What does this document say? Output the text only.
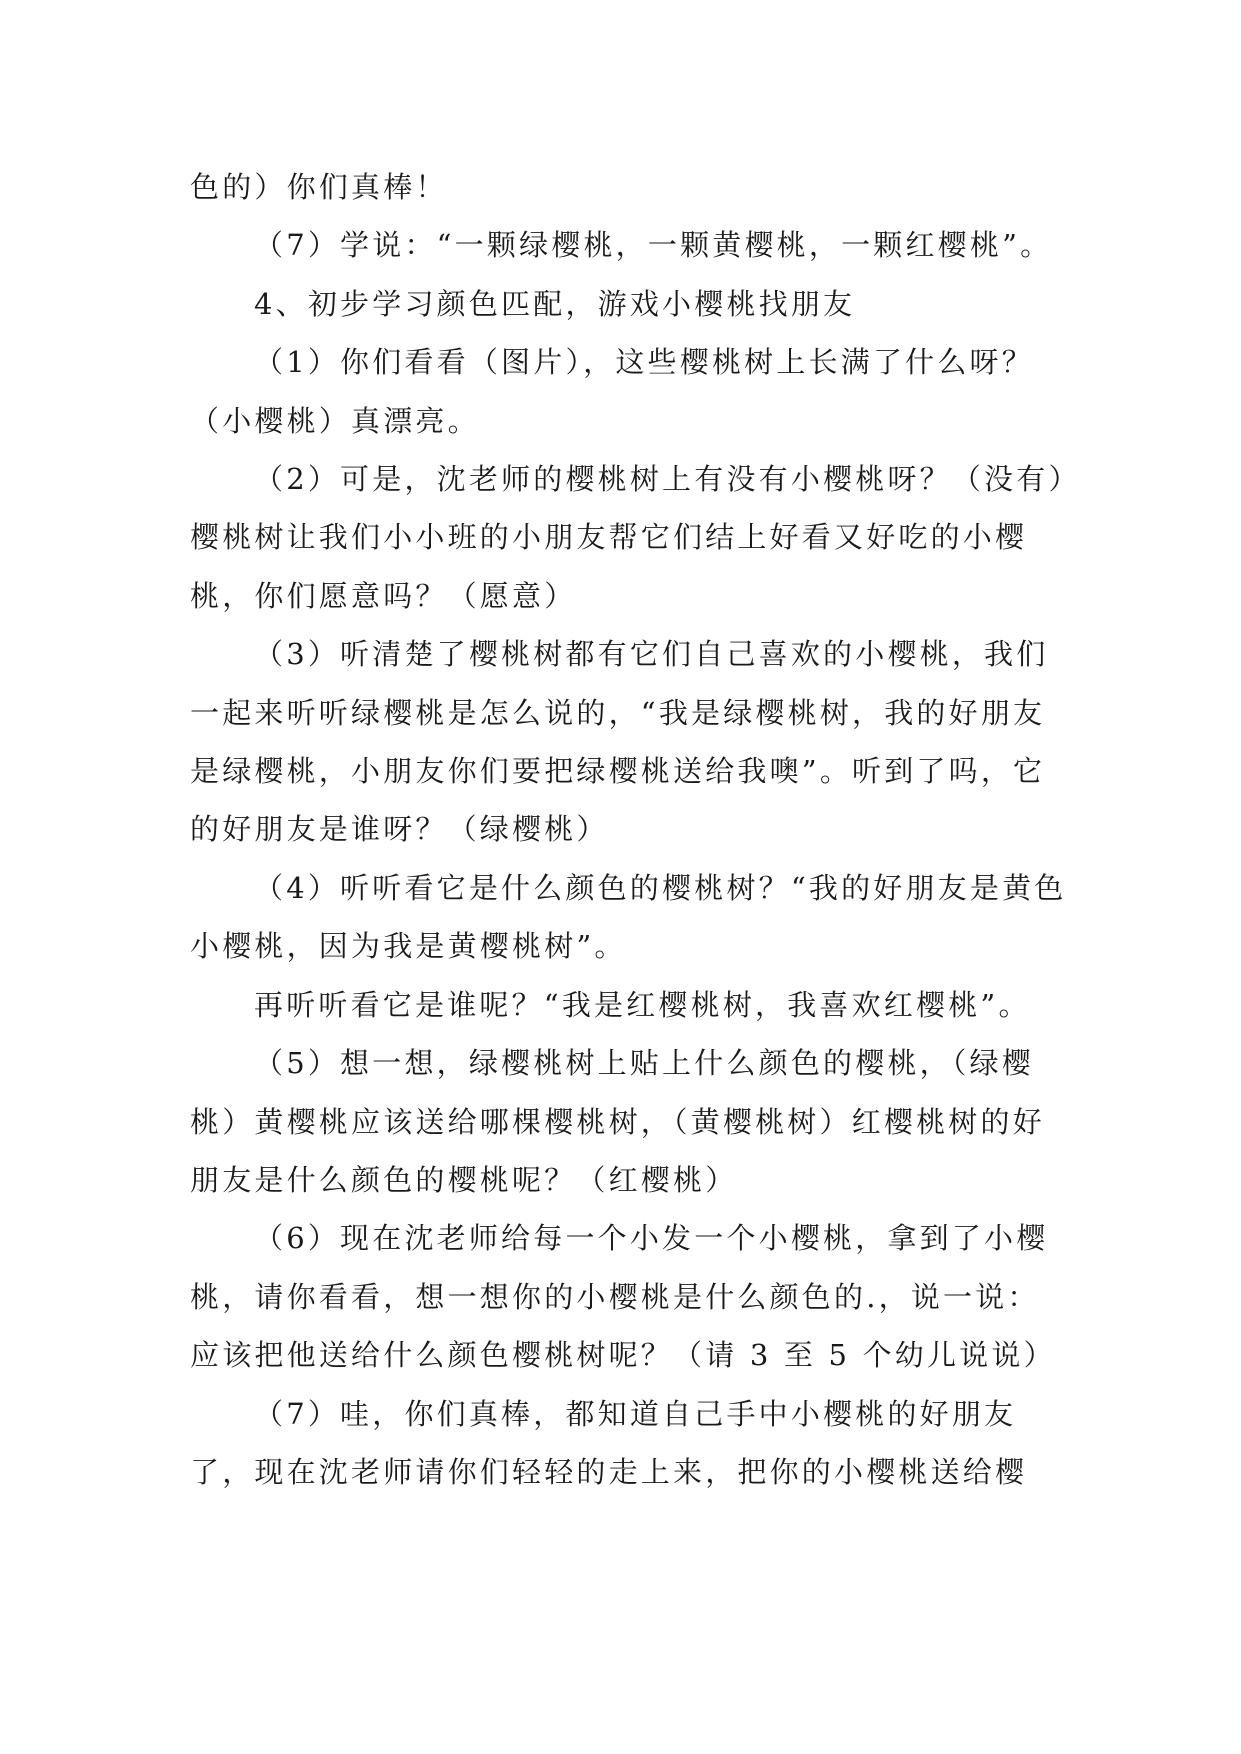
色的）你们真棒！

（7）学说：“一颗绿樱桃，一颗黄樱桃，一颗红樱桃”。

4、初步学习颜色匹配，游戏小樱桃找朋友

（1）你们看看（图片），这些樱桃树上长满了什么呀？（小樱桃）真漂亮。

（2）可是，沈老师的樱桃树上有没有小樱桃呀？（没有）樱桃树让我们小小班的小朋友帮它们结上好看又好吃的小樱桃，你们愿意吗？（愿意）

（3）听清楚了樱桃树都有它们自己喜欢的小樱桃，我们一起来听听绿樱桃是怎么说的，“我是绿樱桃树，我的好朋友是绿樱桃，小朋友你们要把绿樱桃送给我噢”。听到了吗，它的好朋友是谁呀？（绿樱桃）

（4）听听看它是什么颜色的樱桃树？“我的好朋友是黄色小樱桃，因为我是黄樱桃树”。

再听听看它是谁呢？“我是红樱桃树，我喜欢红樱桃”。

（5）想一想，绿樱桃树上贴上什么颜色的樱桃，（绿樱桃）黄樱桃应该送给哪棵樱桃树，（黄樱桃树）红樱桃树的好朋友是什么颜色的樱桃呢？（红樱桃）

（6）现在沈老师给每一个小发一个小樱桃，拿到了小樱桃，请你看看，想一想你的小樱桃是什么颜色的.，说一说：应该把他送给什么颜色樱桃树呢？（请 3 至 5 个幼儿说说）

（7）哇，你们真棒，都知道自己手中小樱桃的好朋友了，现在沈老师请你们轻轻的走上来，把你的小樱桃送给樱
